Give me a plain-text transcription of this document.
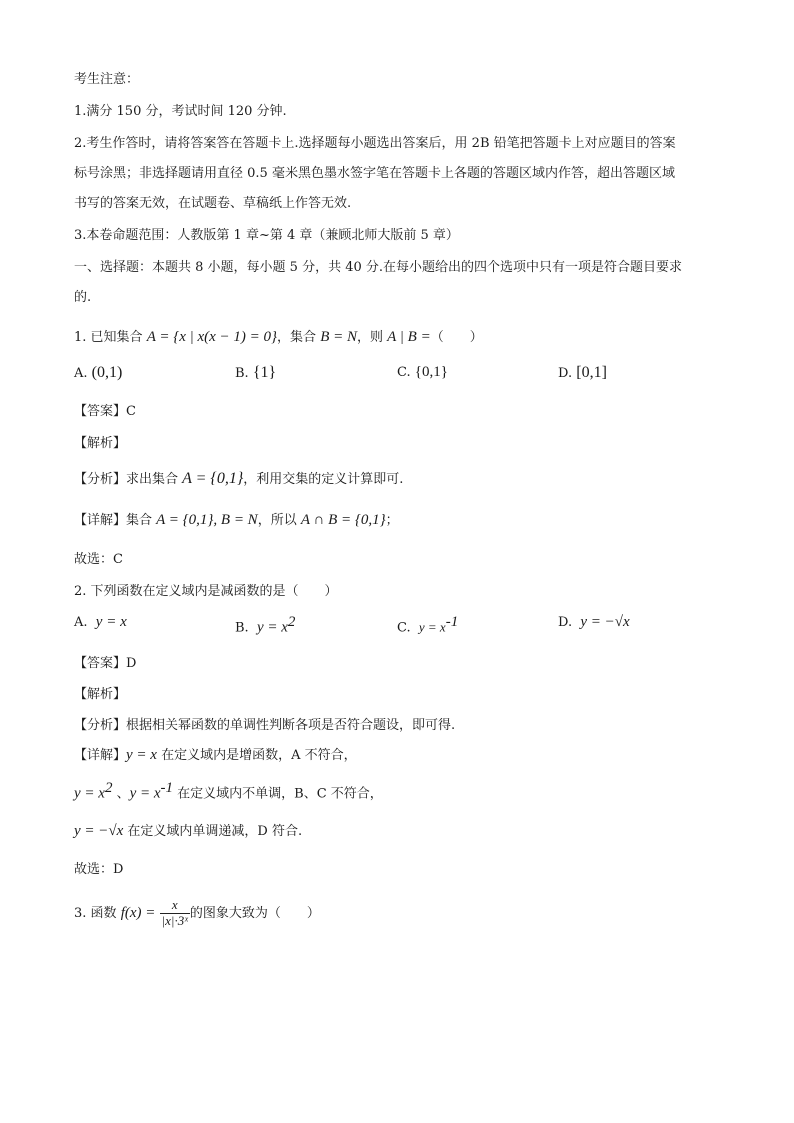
考生注意：
1.满分 150 分，考试时间 120 分钟.
2.考生作答时，请将答案答在答题卡上.选择题每小题选出答案后，用 2B 铅笔把答题卡上对应题目的答案
标号涂黑；非选择题请用直径 0.5 毫米黑色墨水签字笔在答题卡上各题的答题区域内作答，超出答题区域
书写的答案无效，在试题卷、草稿纸上作答无效.
3.本卷命题范围：人教版第 1 章~第 4 章（兼顾北师大版前 5 章）
一、选择题：本题共 8 小题，每小题 5 分，共 40 分.在每小题给出的四个选项中只有一项是符合题目要求
的.
1. 已知集合 A = {x | x(x − 1) = 0}，集合 B = N，则 A | B =（　　）
A. (0,1)	B. {1}	C. {0,1}	D. [0,1]
【答案】C
【解析】
【分析】求出集合 A = {0,1}，利用交集的定义计算即可.
【详解】集合 A = {0,1}, B = N，所以 A ∩ B = {0,1}；
故选：C
2. 下列函数在定义域内是减函数的是（　　）
A. y = x	B. $y = x^2$	C. $y = x^{-1}$	D. y = −√x
【答案】D
【解析】
【分析】根据相关幂函数的单调性判断各项是否符合题设，即可得.
【详解】y = x 在定义域内是增函数，A 不符合，
$y = x^2$ 、$y = x^{-1}$ 在定义域内不单调，B、C 不符合，
y = −√x 在定义域内单调递减，D 符合.
故选：D
3. 函数 $f(x) = \frac{x}{\text{|x|·3ˣ}}$ 的图象大致为（　　）
